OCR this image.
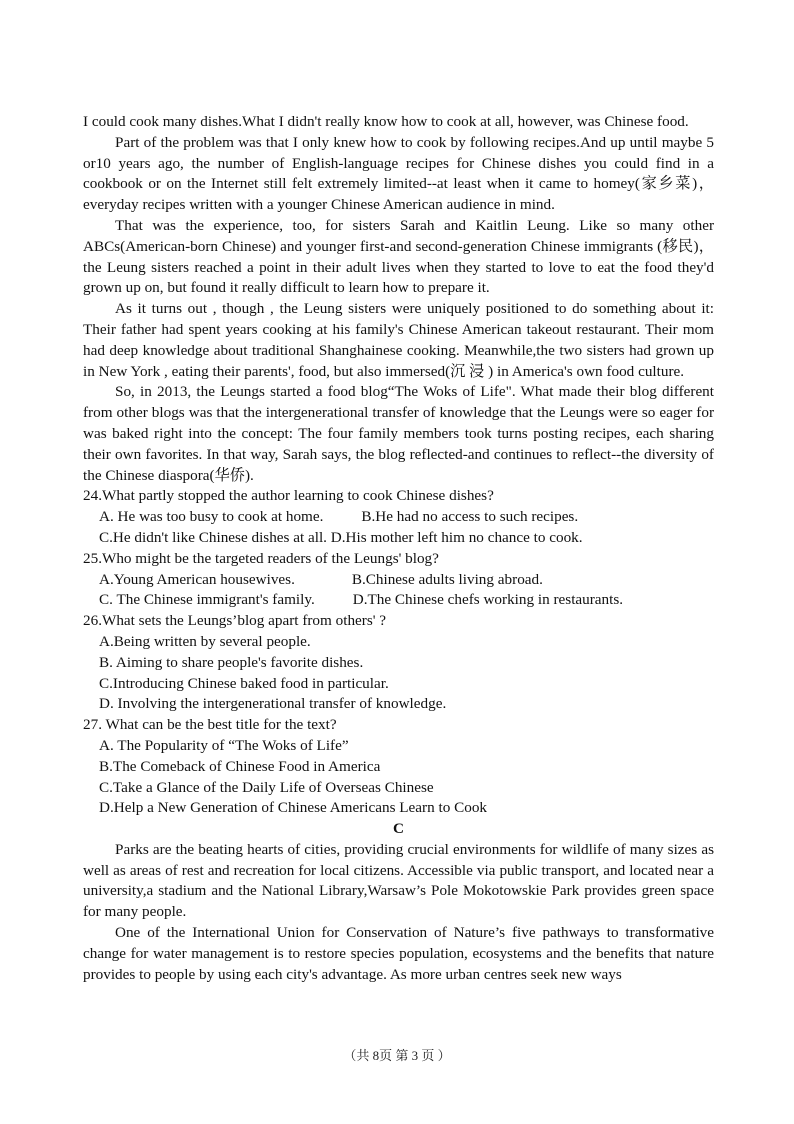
I could cook many dishes.What I didn't really know how to cook at all, however, was Chinese food.

Part of the problem was that I only knew how to cook by following recipes.And up until maybe 5 or10 years ago, the number of English-language recipes for Chinese dishes you could find in a cookbook or on the Internet still felt extremely limited--at least when it came to homey(家乡菜)，everyday recipes written with a younger Chinese American audience in mind.

That was the experience, too, for sisters Sarah and Kaitlin Leung. Like so many other ABCs(American-born Chinese) and younger first-and second-generation Chinese immigrants (移民)，the Leung sisters reached a point in their adult lives when they started to love to eat the food they'd grown up on, but found it really difficult to learn how to prepare it.

As it turns out , though , the Leung sisters were uniquely positioned to do something about it: Their father had spent years cooking at his family's Chinese American takeout restaurant. Their mom had deep knowledge about traditional Shanghainese cooking. Meanwhile,the two sisters had grown up in New York , eating their parents', food, but also immersed(沉 浸 ) in America's own food culture.

So, in 2013, the Leungs started a food blog“The Woks of Life". What made their blog different from other blogs was that the intergenerational transfer of knowledge that the Leungs were so eager for was baked right into the concept: The four family members took turns posting recipes, each sharing their own favorites. In that way, Sarah says, the blog reflected-and continues to reflect--the diversity of the Chinese diaspora(华侨).

24.What partly stopped the author learning to cook Chinese dishes?

A. He was too busy to cook at home.          B.He had no access to such recipes.

C.He didn't like Chinese dishes at all. D.His mother left him no chance to cook.

25.Who might be the targeted readers of the Leungs' blog?

A.Young American housewives.               B.Chinese adults living abroad.

C. The Chinese immigrant's family.          D.The Chinese chefs working in restaurants.

26.What sets the Leungs’blog apart from others' ?

A.Being written by several people.

B. Aiming to share people's favorite dishes.

C.Introducing Chinese baked food in particular.

D. Involving the intergenerational transfer of knowledge.

27. What can be the best title for the text?

A. The Popularity of “The Woks of Life”

B.The Comeback of Chinese Food in America

C.Take a Glance of the Daily Life of Overseas Chinese

D.Help a New Generation of Chinese Americans Learn to Cook

C

Parks are the beating hearts of cities, providing crucial environments for wildlife of many sizes as well as areas of rest and recreation for local citizens. Accessible via public transport, and located near a university,a stadium and the National Library,Warsaw’s Pole Mokotowskie Park provides green space for many people.

One of the International Union for Conservation of Nature’s five pathways to transformative change for water management is to restore species population, ecosystems and the benefits that nature provides to people by using each city's advantage. As more urban centres seek new ways

（共 8页 第 3 页 ）
